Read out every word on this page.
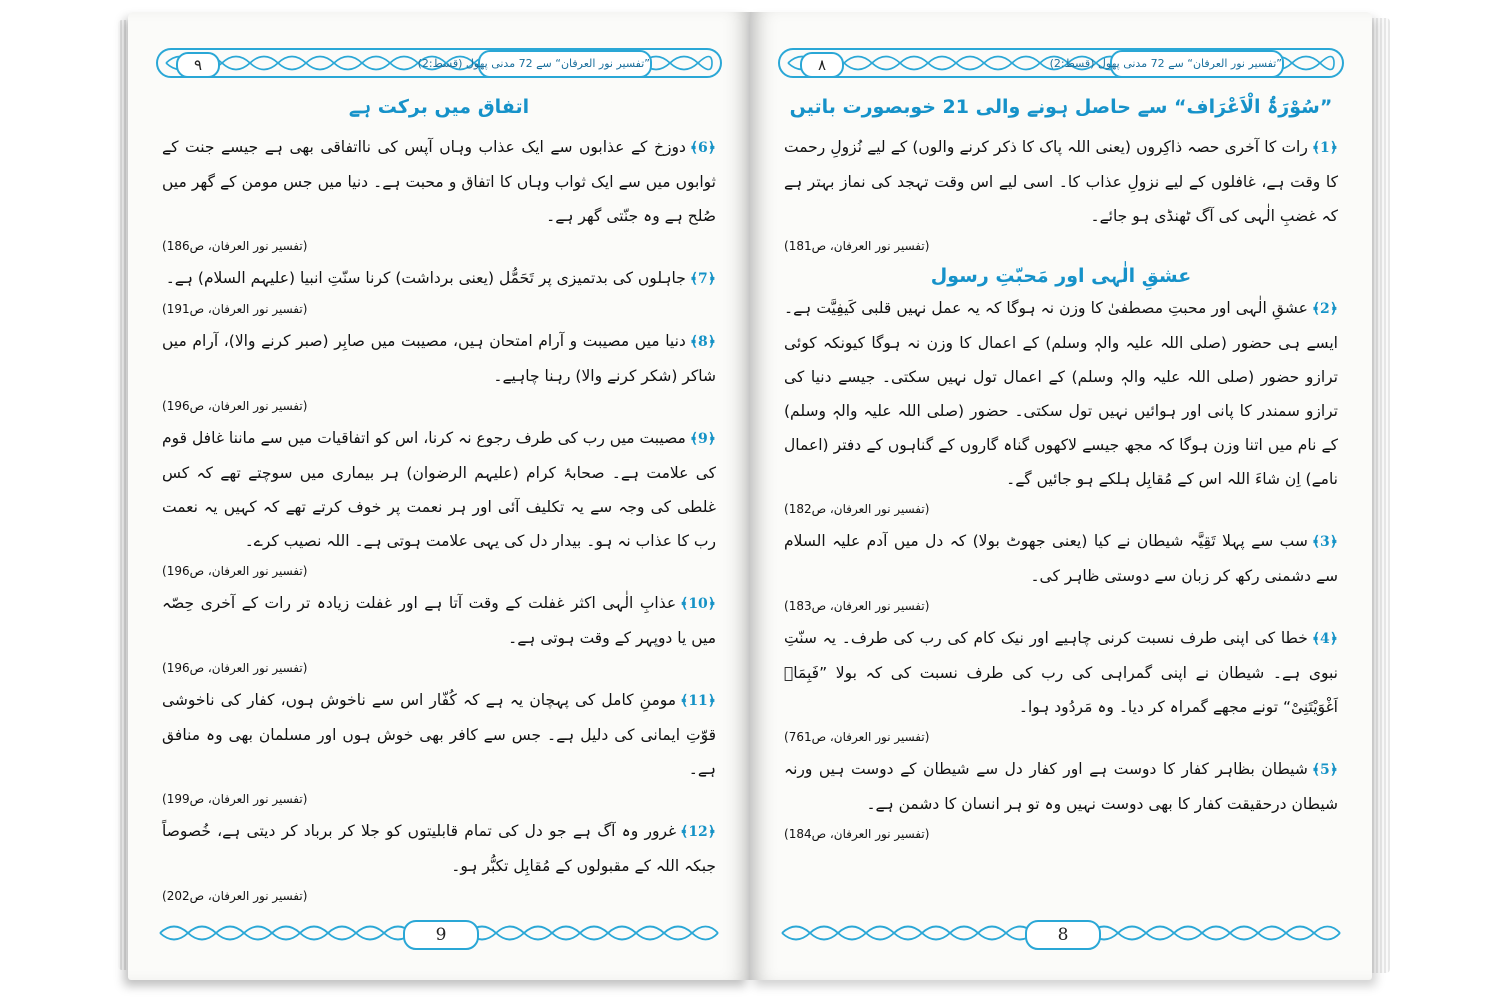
۹	”تفسیر نور العرفان“ سے 72 مدنی پھول (قسط:2)

اتفاق میں برکت ہے

﴿6﴾دوزخ کے عذابوں سے ایک عذاب وہاں آپس کی نااتفاقی بھی ہے جیسے جنت کے ثوابوں میں سے ایک ثواب وہاں کا اتفاق و محبت ہے۔ دنیا میں جس مومن کے گھر میں صُلح ہے وہ جنّتی گھر ہے۔

(تفسیر نور العرفان، ص186)

﴿7﴾جاہلوں کی بدتمیزی پر تَحَمُّل (یعنی برداشت) کرنا سنّتِ انبیا (علیہم السلام) ہے۔

(تفسیر نور العرفان، ص191)

﴿8﴾دنیا میں مصیبت و آرام امتحان ہیں، مصیبت میں صابِر (صبر کرنے والا)، آرام میں شاکر (شکر کرنے والا) رہنا چاہیے۔

(تفسیر نور العرفان، ص196)

﴿9﴾مصیبت میں رب کی طرف رجوع نہ کرنا، اس کو اتفاقیات میں سے ماننا غافل قوم کی علامت ہے۔ صحابۂ کرام (علیہم الرضوان) ہر بیماری میں سوچتے تھے کہ کس غلطی کی وجہ سے یہ تکلیف آئی اور ہر نعمت پر خوف کرتے تھے کہ کہیں یہ نعمت رب کا عذاب نہ ہو۔ بیدار دل کی یہی علامت ہوتی ہے۔ اللہ نصیب کرے۔

(تفسیر نور العرفان، ص196)

﴿10﴾عذابِ الٰہی اکثر غفلت کے وقت آتا ہے اور غفلت زیادہ تر رات کے آخری حِصّہ میں یا دوپہر کے وقت ہوتی ہے۔

(تفسیر نور العرفان، ص196)

﴿11﴾مومنِ کامل کی پہچان یہ ہے کہ کُفّار اس سے ناخوش ہوں، کفار کی ناخوشی قوّتِ ایمانی کی دلیل ہے۔ جس سے کافر بھی خوش ہوں اور مسلمان بھی وہ منافق ہے۔

(تفسیر نور العرفان، ص199)

﴿12﴾غرور وہ آگ ہے جو دل کی تمام قابلیتوں کو جلا کر برباد کر دیتی ہے، خُصوصاً جبکہ اللہ کے مقبولوں کے مُقابِل تکبُّر ہو۔

(تفسیر نور العرفان، ص202)

9
۸	”تفسیر نور العرفان“ سے 72 مدنی پھول (قسط:2)

”سُوْرَۃُ الْاَعْرَاف“ سے حاصل ہونے والی 21 خوبصورت باتیں

﴿1﴾رات کا آخری حصہ ذاکِروں (یعنی اللہ پاک کا ذکر کرنے والوں) کے لیے نُزولِ رحمت کا وقت ہے، غافلوں کے لیے نزولِ عذاب کا۔ اسی لیے اس وقت تہجد کی نماز بہتر ہے کہ غضبِ الٰہی کی آگ ٹھنڈی ہو جائے۔

(تفسیر نور العرفان، ص181)

عشقِ الٰہی اور مَحبّتِ رسول

﴿2﴾عشقِ الٰہی اور محبتِ مصطفیٰ کا وزن نہ ہوگا کہ یہ عمل نہیں قلبی کَیفِیَّت ہے۔ ایسے ہی حضور (صلی اللہ علیہ والہٖ وسلم) کے اعمال کا وزن نہ ہوگا کیونکہ کوئی ترازو حضور (صلی اللہ علیہ والہٖ وسلم) کے اعمال تول نہیں سکتی۔ جیسے دنیا کی ترازو سمندر کا پانی اور ہوائیں نہیں تول سکتی۔ حضور (صلی اللہ علیہ والہٖ وسلم) کے نام میں اتنا وزن ہوگا کہ مجھ جیسے لاکھوں گناہ گاروں کے گناہوں کے دفتر (اعمال نامے) اِن شاءَ اللہ اس کے مُقابِل ہلکے ہو جائیں گے۔

(تفسیر نور العرفان، ص182)

﴿3﴾سب سے پہلا تَقِیَّہ شیطان نے کیا (یعنی جھوٹ بولا) کہ دل میں آدم علیہ السلام سے دشمنی رکھ کر زبان سے دوستی ظاہر کی۔

(تفسیر نور العرفان، ص183)

﴿4﴾خطا کی اپنی طرف نسبت کرنی چاہیے اور نیک کام کی رب کی طرف۔ یہ سنّتِ نبوی ہے۔ شیطان نے اپنی گمراہی کی رب کی طرف نسبت کی کہ بولا ”فَبِمَاۤ اَغْوَیْتَنِیْ“ تونے مجھے گمراہ کر دیا۔ وہ مَردُود ہوا۔

(تفسیر نور العرفان، ص761)

﴿5﴾شیطان بظاہر کفار کا دوست ہے اور کفار دل سے شیطان کے دوست ہیں ورنہ شیطان درحقیقت کفار کا بھی دوست نہیں وہ تو ہر انسان کا دشمن ہے۔

(تفسیر نور العرفان، ص184)

8
